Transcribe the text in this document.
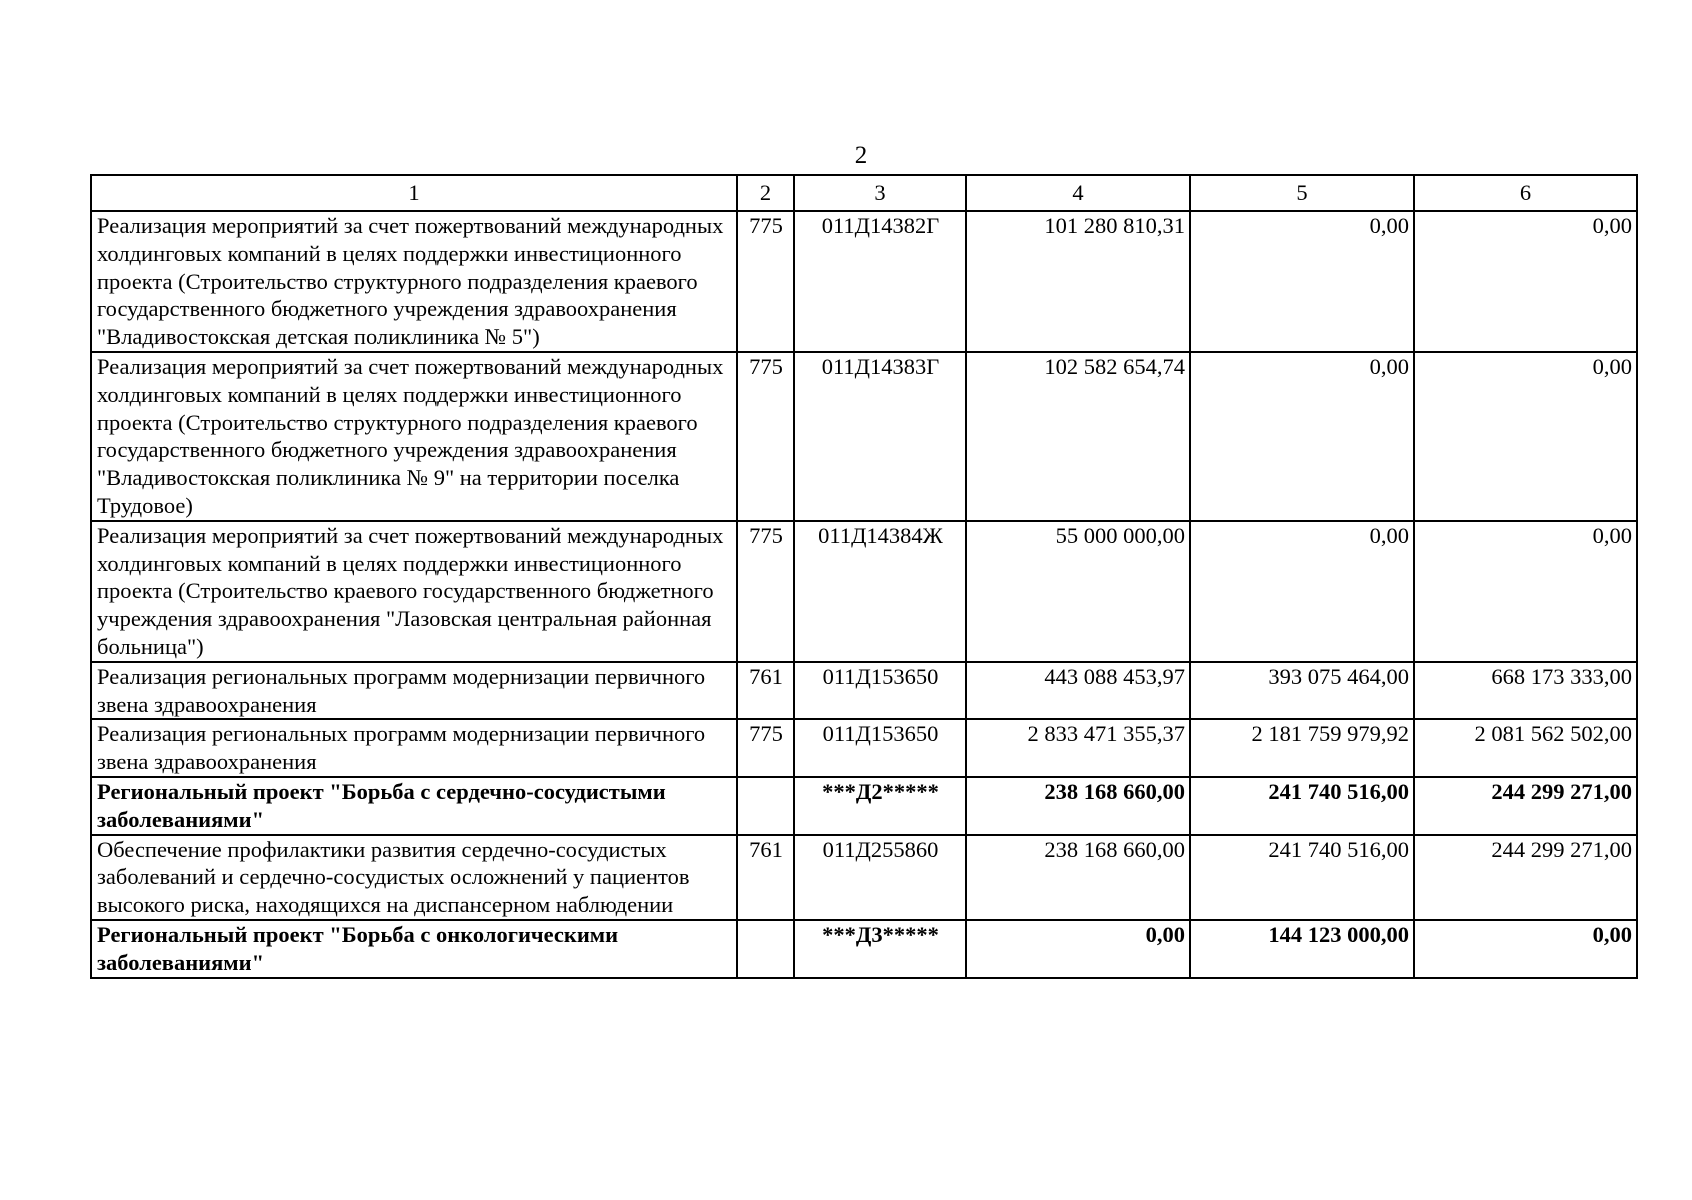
2
1	2	3	4	5	6
Реализация мероприятий за счет пожертвований международных холдинговых компаний в целях поддержки инвестиционного проекта (Строительство структурного подразделения краевого государственного бюджетного учреждения здравоохранения "Владивостокская детская поликлиника № 5")	775	011Д14382Г	101 280 810,31	0,00	0,00
Реализация мероприятий за счет пожертвований международных холдинговых компаний в целях поддержки инвестиционного проекта (Строительство структурного подразделения краевого государственного бюджетного учреждения здравоохранения "Владивостокская поликлиника № 9" на территории поселка Трудовое)	775	011Д14383Г	102 582 654,74	0,00	0,00
Реализация мероприятий за счет пожертвований международных холдинговых компаний в целях поддержки инвестиционного проекта (Строительство краевого государственного бюджетного учреждения здравоохранения "Лазовская центральная районная больница")	775	011Д14384Ж	55 000 000,00	0,00	0,00
Реализация региональных программ модернизации первичного звена здравоохранения	761	011Д153650	443 088 453,97	393 075 464,00	668 173 333,00
Реализация региональных программ модернизации первичного звена здравоохранения	775	011Д153650	2 833 471 355,37	2 181 759 979,92	2 081 562 502,00
Региональный проект "Борьба с сердечно-сосудистыми заболеваниями"		***Д2*****	238 168 660,00	241 740 516,00	244 299 271,00
Обеспечение профилактики развития сердечно-сосудистых заболеваний и сердечно-сосудистых осложнений у пациентов высокого риска, находящихся на диспансерном наблюдении	761	011Д255860	238 168 660,00	241 740 516,00	244 299 271,00
Региональный проект "Борьба с онкологическими заболеваниями"		***Д3*****	0,00	144 123 000,00	0,00
